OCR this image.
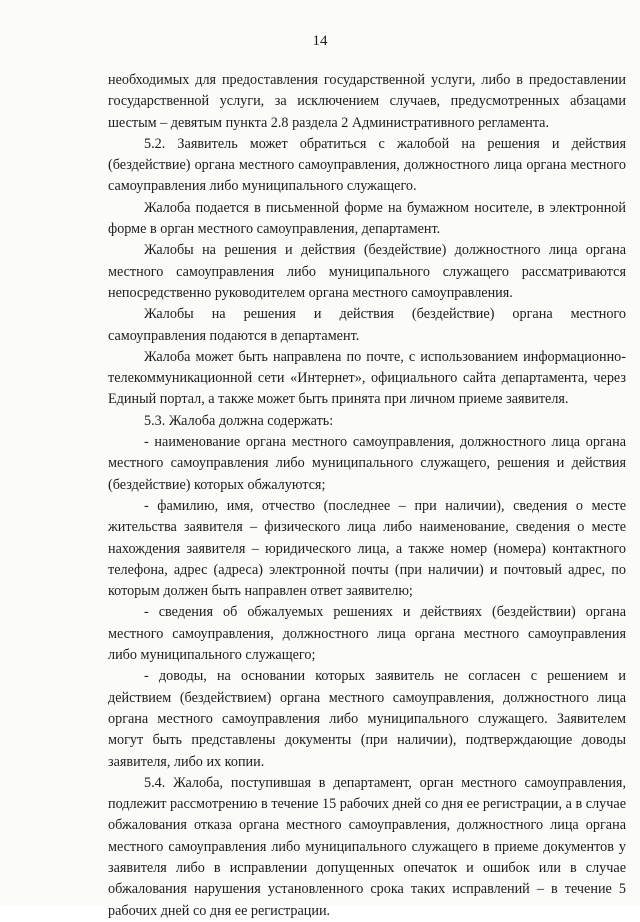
14

необходимых для предоставления государственной услуги, либо в предоставлении государственной услуги, за исключением случаев, предусмотренных абзацами шестым – девятым пункта 2.8 раздела 2 Административного регламента.

5.2. Заявитель может обратиться с жалобой на решения и действия (бездействие) органа местного самоуправления, должностного лица органа местного самоуправления либо муниципального служащего.

Жалоба подается в письменной форме на бумажном носителе, в электронной форме в орган местного самоуправления, департамент.

Жалобы на решения и действия (бездействие) должностного лица органа местного самоуправления либо муниципального служащего рассматриваются непосредственно руководителем органа местного самоуправления.

Жалобы на решения и действия (бездействие) органа местного самоуправления подаются в департамент.

Жалоба может быть направлена по почте, с использованием информационно-телекоммуникационной сети «Интернет», официального сайта департамента, через Единый портал, а также может быть принята при личном приеме заявителя.

5.3. Жалоба должна содержать:

- наименование органа местного самоуправления, должностного лица органа местного самоуправления либо муниципального служащего, решения и действия (бездействие) которых обжалуются;

- фамилию, имя, отчество (последнее – при наличии), сведения о месте жительства заявителя – физического лица либо наименование, сведения о месте нахождения заявителя – юридического лица, а также номер (номера) контактного телефона, адрес (адреса) электронной почты (при наличии) и почтовый адрес, по которым должен быть направлен ответ заявителю;

- сведения об обжалуемых решениях и действиях (бездействии) органа местного самоуправления, должностного лица органа местного самоуправления либо муниципального служащего;

- доводы, на основании которых заявитель не согласен с решением и действием (бездействием) органа местного самоуправления, должностного лица органа местного самоуправления либо муниципального служащего. Заявителем могут быть представлены документы (при наличии), подтверждающие доводы заявителя, либо их копии.

5.4. Жалоба, поступившая в департамент, орган местного самоуправления, подлежит рассмотрению в течение 15 рабочих дней со дня ее регистрации, а в случае обжалования отказа органа местного самоуправления, должностного лица органа местного самоуправления либо муниципального служащего в приеме документов у заявителя либо в исправлении допущенных опечаток и ошибок или в случае обжалования нарушения установленного срока таких исправлений – в течение 5 рабочих дней со дня ее регистрации.
